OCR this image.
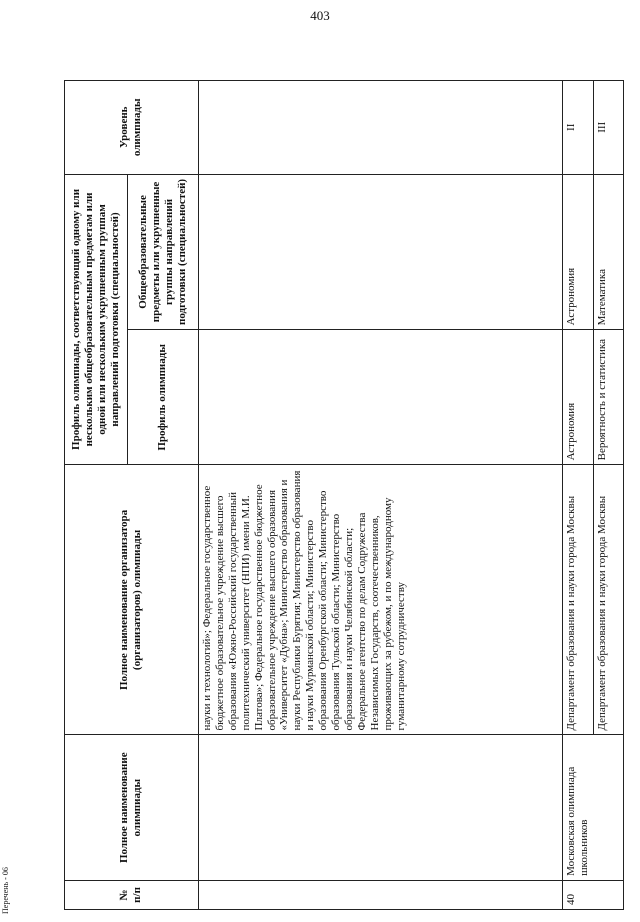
403
№ п/п	Полное наименование олимпиады	Полное наименование организатора (организаторов) олимпиады	Профиль олимпиады, соответствующий одному или нескольким общеобразовательным предметам или одной или нескольким укрупненным группам направлений подготовки (специальностей)		Уровень олимпиады
			Профиль олимпиады	Общеобразовательные предметы или укрупненные группы направлений подготовки (специальностей)	
		науки и технологий»; Федеральное государственное бюджетное образовательное учреждение высшего образования «Южно-Российский государственный политехнический университет (НПИ) имени М.И. Платова»; Федеральное государственное бюджетное образовательное учреждение высшего образования «Университет «Дубна»; Министерство образования и науки Республики Бурятия; Министерство образования и науки Мурманской области; Министерство образования Оренбургской области; Министерство образования Тульской области; Министерство образования и науки Челябинской области; Федеральное агентство по делам Содружества Независимых Государств, соотечественников, проживающих за рубежом, и по международному гуманитарному сотрудничеству			
40	Московская олимпиада школьников	Департамент образования и науки города Москвы	Астрономия	Астрономия	II
		Департамент образования и науки города Москвы	Вероятность и статистика	Математика	III
Перечень - 06
